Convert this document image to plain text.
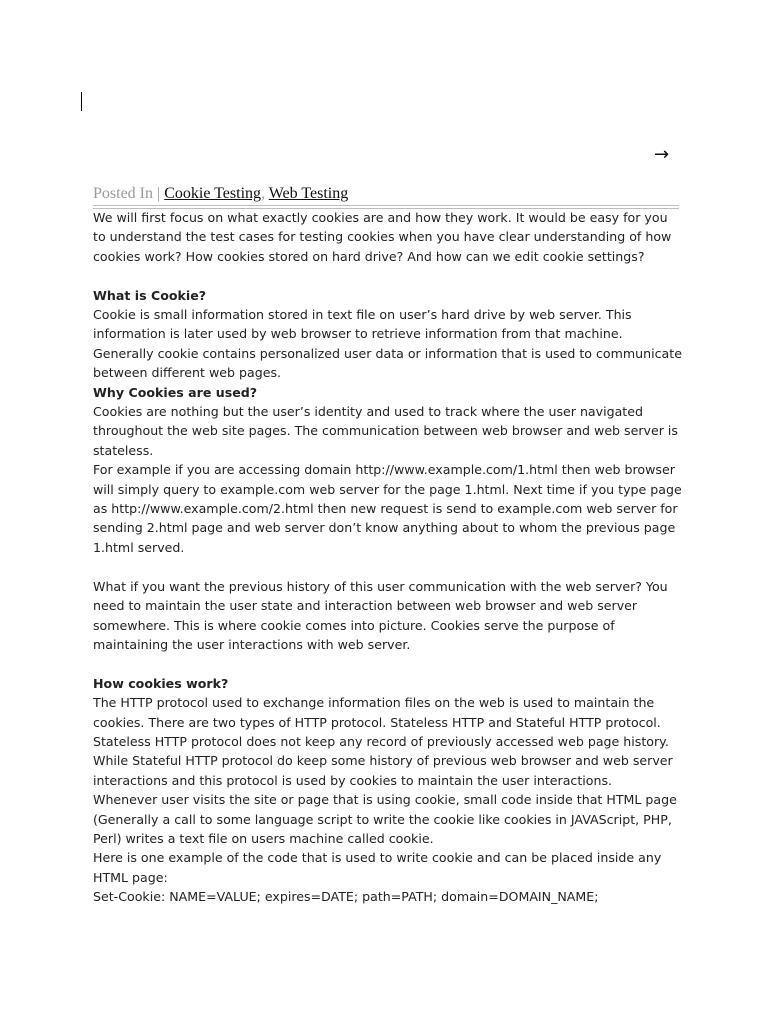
→
Posted In | Cookie Testing, Web Testing

We will first focus on what exactly cookies are and how they work. It would be easy for you to understand the test cases for testing cookies when you have clear understanding of how cookies work? How cookies stored on hard drive? And how can we edit cookie settings?

What is Cookie?

Cookie is small information stored in text file on user’s hard drive by web server. This information is later used by web browser to retrieve information from that machine. Generally cookie contains personalized user data or information that is used to communicate between different web pages.

Why Cookies are used?

Cookies are nothing but the user’s identity and used to track where the user navigated throughout the web site pages. The communication between web browser and web server is stateless.

For example if you are accessing domain http://www.example.com/1.html then web browser will simply query to example.com web server for the page 1.html. Next time if you type page as http://www.example.com/2.html then new request is send to example.com web server for sending 2.html page and web server don’t know anything about to whom the previous page 1.html served.

What if you want the previous history of this user communication with the web server? You need to maintain the user state and interaction between web browser and web server somewhere. This is where cookie comes into picture. Cookies serve the purpose of maintaining the user interactions with web server.

How cookies work?

The HTTP protocol used to exchange information files on the web is used to maintain the cookies. There are two types of HTTP protocol. Stateless HTTP and Stateful HTTP protocol. Stateless HTTP protocol does not keep any record of previously accessed web page history. While Stateful HTTP protocol do keep some history of previous web browser and web server interactions and this protocol is used by cookies to maintain the user interactions.

Whenever user visits the site or page that is using cookie, small code inside that HTML page (Generally a call to some language script to write the cookie like cookies in JAVAScript, PHP, Perl) writes a text file on users machine called cookie.

Here is one example of the code that is used to write cookie and can be placed inside any HTML page:

Set-Cookie: NAME=VALUE; expires=DATE; path=PATH; domain=DOMAIN_NAME;
